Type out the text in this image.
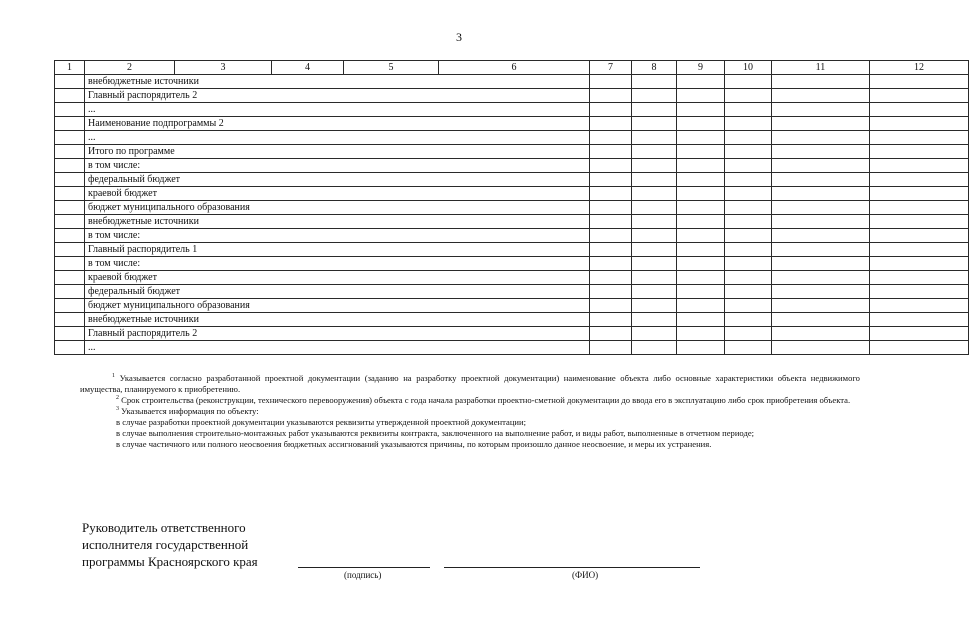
3
1	2	3	4	5	6	7	8	9	10	11	12
	внебюджетные источники										
	Главный распорядитель 2										
	...										
	Наименование подпрограммы 2										
	...										
	Итого по программе										
	в том числе:										
	федеральный бюджет										
	краевой бюджет										
	бюджет муниципального образования										
	внебюджетные источники										
	в том числе:										
	Главный распорядитель 1										
	в том числе:										
	краевой бюджет										
	федеральный бюджет										
	бюджет муниципального образования										
	внебюджетные источники										
	Главный распорядитель 2										
	...										

$^1$ Указывается согласно разработанной проектной документации (заданию на разработку проектной документации) наименование объекта либо основные характеристики объекта недвижимого имущества, планируемого к приобретению.

$^2$ Срок строительства (реконструкции, технического перевооружения) объекта с года начала разработки проектно-сметной документации до ввода его в эксплуатацию либо срок приобретения объекта.

$^3$ Указывается информация по объекту:

в случае разработки проектной документации указываются реквизиты утвержденной проектной документации;

в случае выполнения строительно-монтажных работ указываются реквизиты контракта, заключенного на выполнение работ, и виды работ, выполненные в отчетном периоде;

в случае частичного или полного неосвоения бюджетных ассигнований указываются причины, по которым произошло данное неосвоение, и меры их устранения.

Руководитель ответственного
исполнителя государственной
программы Красноярского края
(подпись)	(ФИО)
